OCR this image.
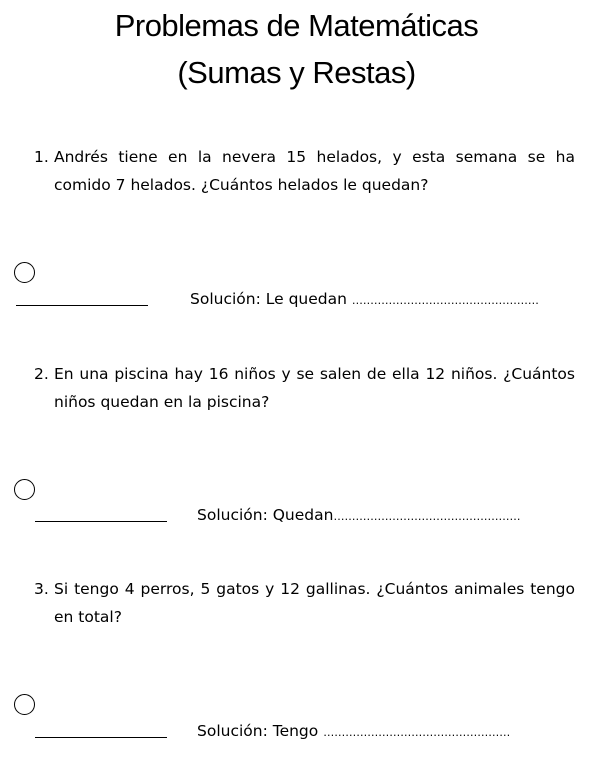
Problemas de Matemáticas
(Sumas y Restas)
1. Andrés tiene en la nevera 15 helados, y esta semana se ha comido 7 helados. ¿Cuántos helados le quedan?
Solución: Le quedan ……………………………………………
2. En una piscina hay 16 niños y se salen de ella 12 niños. ¿Cuántos niños quedan en la piscina?
Solución: Quedan……………………………………………
3. Si tengo 4 perros, 5 gatos y 12 gallinas. ¿Cuántos animales tengo en total?
Solución: Tengo ……………………………………………
